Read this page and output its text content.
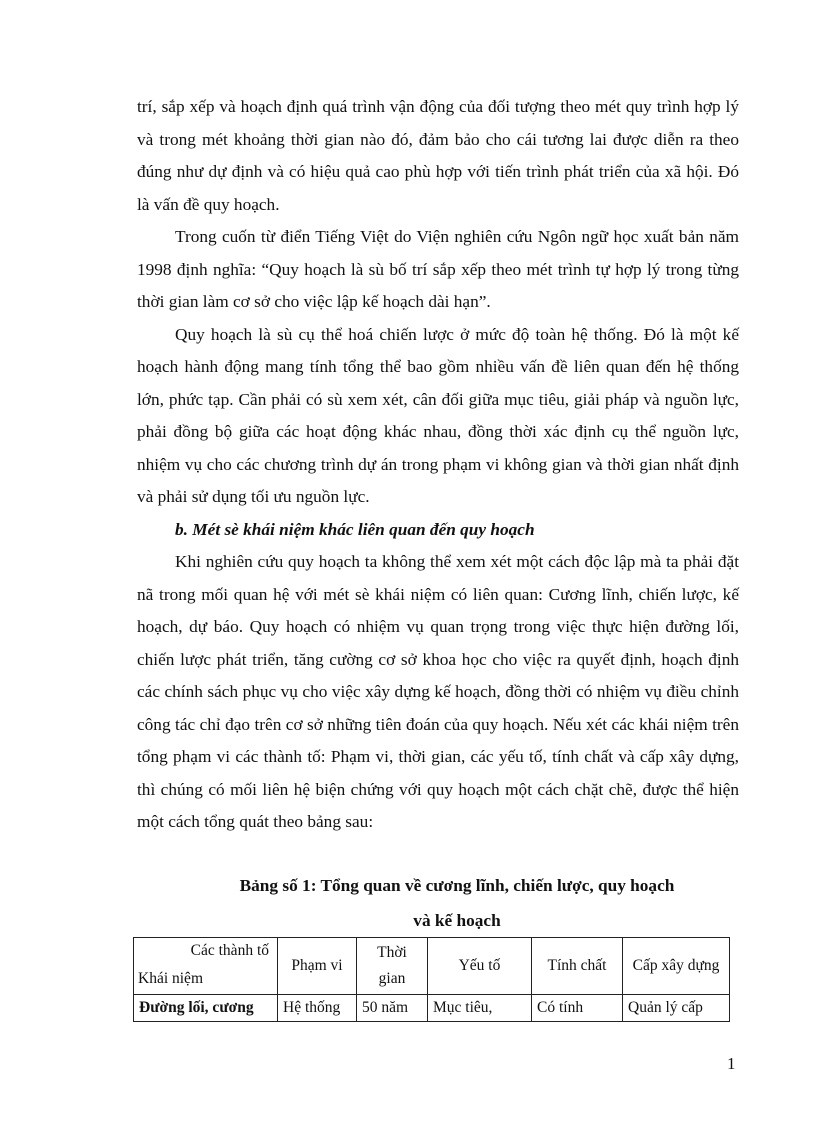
trí, sắp xếp và hoạch định quá trình vận động của đối tượng theo mét quy trình hợp lý và trong mét khoảng thời gian nào đó, đảm bảo cho cái tương lai được diễn ra theo đúng như dự định và có hiệu quả cao phù hợp với tiến trình phát triển của xã hội. Đó là vấn đề quy hoạch.

Trong cuốn từ điển Tiếng Việt do Viện nghiên cứu Ngôn ngữ học xuất bản năm 1998 định nghĩa: “Quy hoạch là sù bố trí sắp xếp theo mét trình tự hợp lý trong từng thời gian làm cơ sở cho việc lập kế hoạch dài hạn”.

Quy hoạch là sù cụ thể hoá chiến lược ở mức độ toàn hệ thống. Đó là một kế hoạch hành động mang tính tổng thể bao gồm nhiều vấn đề liên quan đến hệ thống lớn, phức tạp. Cần phải có sù xem xét, cân đối giữa mục tiêu, giải pháp và nguồn lực, phải đồng bộ giữa các hoạt động khác nhau, đồng thời xác định cụ thể nguồn lực, nhiệm vụ cho các chương trình dự án trong phạm vi không gian và thời gian nhất định và phải sử dụng tối ưu nguồn lực.

b. Mét sè khái niệm khác liên quan đến quy hoạch

Khi nghiên cứu quy hoạch ta không thể xem xét một cách độc lập mà ta phải đặt nã trong mối quan hệ với mét sè khái niệm có liên quan: Cương lĩnh, chiến lược, kế hoạch, dự báo. Quy hoạch có nhiệm vụ quan trọng trong việc thực hiện đường lối, chiến lược phát triển, tăng cường cơ sở khoa học cho việc ra quyết định, hoạch định các chính sách phục vụ cho việc xây dựng kế hoạch, đồng thời có nhiệm vụ điều chỉnh công tác chỉ đạo trên cơ sở những tiên đoán của quy hoạch. Nếu xét các khái niệm trên tổng phạm vi các thành tố: Phạm vi, thời gian, các yếu tố, tính chất và cấp xây dựng, thì chúng có mối liên hệ biện chứng với quy hoạch một cách chặt chẽ, được thể hiện một cách tổng quát theo bảng sau:

Bảng số 1: Tổng quan về cương lĩnh, chiến lược, quy hoạch
và kế hoạch
Các thành tố
Khái niệm	Phạm vi	Thời gian	Yếu tố	Tính chất	Cấp xây dựng
Đường lối, cương	Hệ thống	50 năm	Mục tiêu,	Có tính	Quản lý cấp
1
